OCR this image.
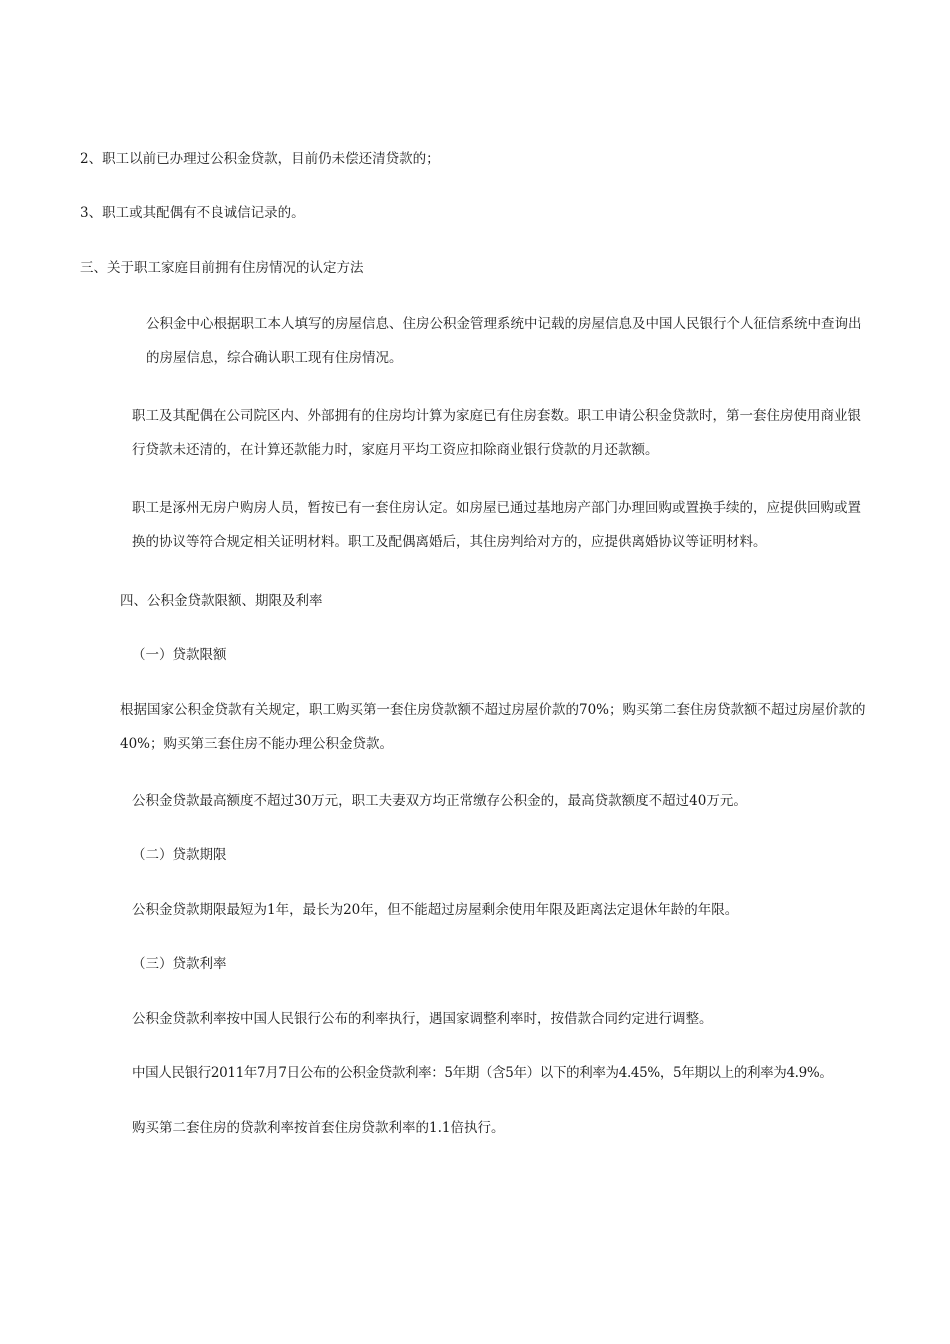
2、职工以前已办理过公积金贷款，目前仍未偿还清贷款的；

3、职工或其配偶有不良诚信记录的。

三、关于职工家庭目前拥有住房情况的认定方法

公积金中心根据职工本人填写的房屋信息、住房公积金管理系统中记载的房屋信息及中国人民银行个人征信系统中查询出的房屋信息，综合确认职工现有住房情况。

职工及其配偶在公司院区内、外部拥有的住房均计算为家庭已有住房套数。职工申请公积金贷款时，第一套住房使用商业银行贷款未还清的，在计算还款能力时，家庭月平均工资应扣除商业银行贷款的月还款额。

职工是涿州无房户购房人员，暂按已有一套住房认定。如房屋已通过基地房产部门办理回购或置换手续的，应提供回购或置换的协议等符合规定相关证明材料。职工及配偶离婚后，其住房判给对方的，应提供离婚协议等证明材料。

四、公积金贷款限额、期限及利率

（一）贷款限额

根据国家公积金贷款有关规定，职工购买第一套住房贷款额不超过房屋价款的70%；购买第二套住房贷款额不超过房屋价款的40%；购买第三套住房不能办理公积金贷款。

公积金贷款最高额度不超过30万元，职工夫妻双方均正常缴存公积金的，最高贷款额度不超过40万元。

（二）贷款期限

公积金贷款期限最短为1年，最长为20年，但不能超过房屋剩余使用年限及距离法定退休年龄的年限。

（三）贷款利率

公积金贷款利率按中国人民银行公布的利率执行，遇国家调整利率时，按借款合同约定进行调整。

中国人民银行2011年7月7日公布的公积金贷款利率：5年期（含5年）以下的利率为4.45%，5年期以上的利率为4.9%。

购买第二套住房的贷款利率按首套住房贷款利率的1.1倍执行。
